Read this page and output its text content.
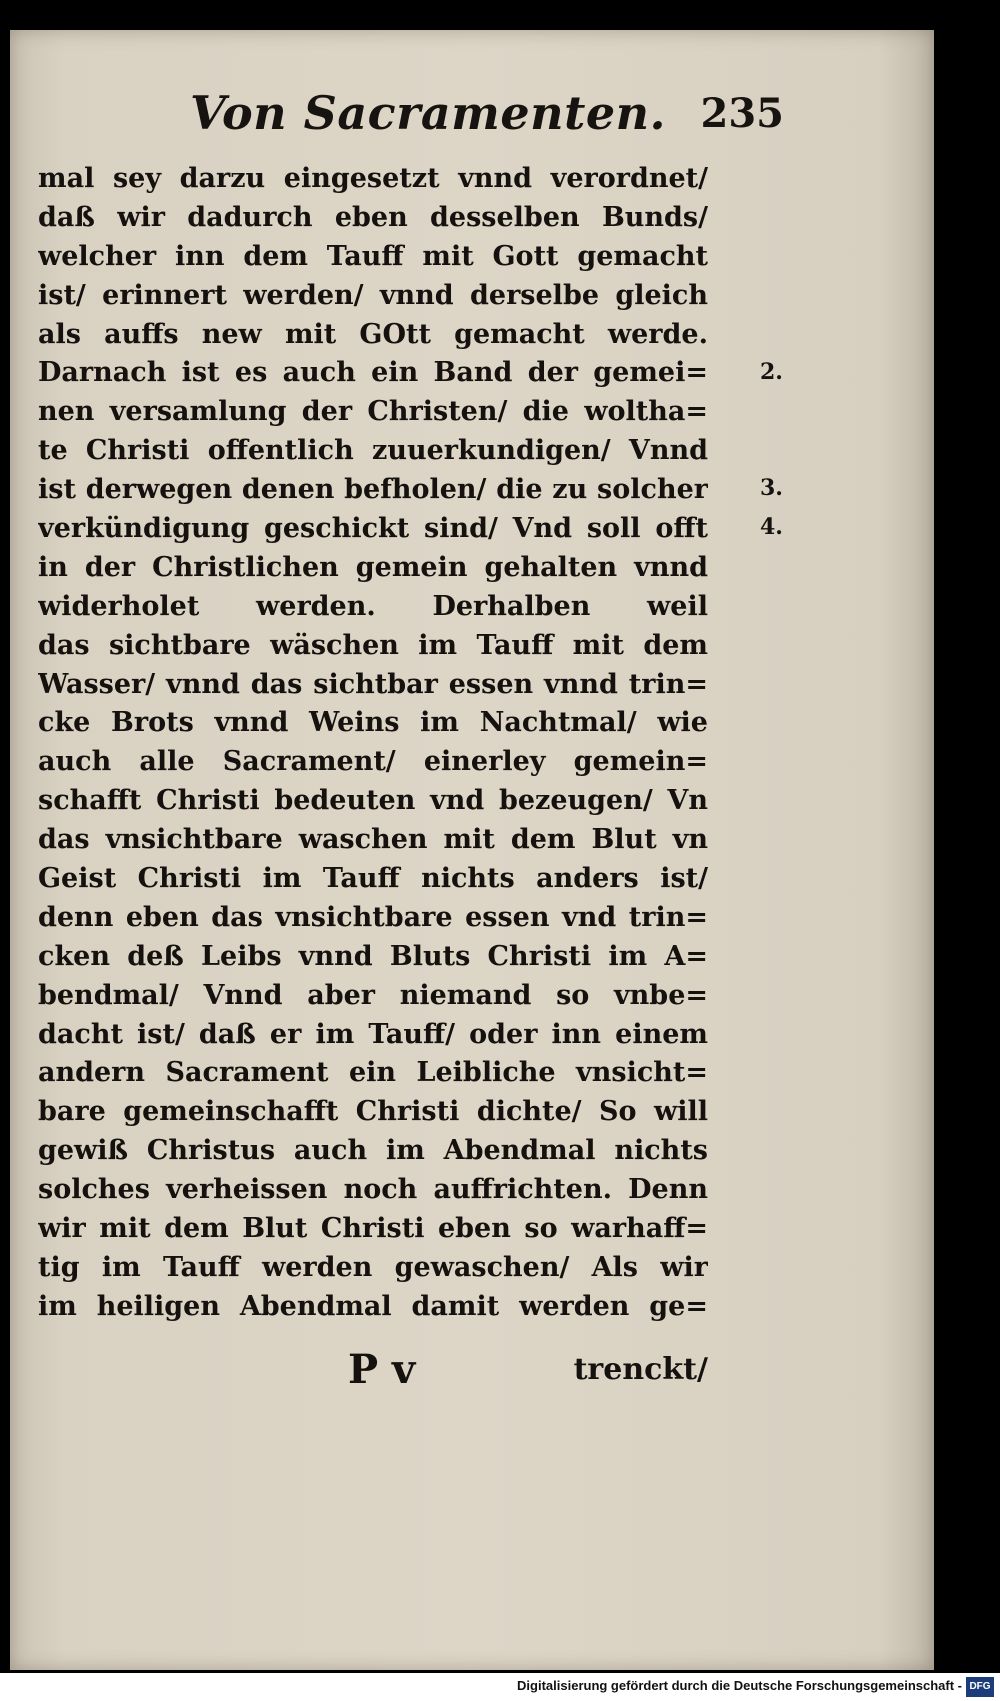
Von Sacramenten. 235
mal sey darzu eingesetzt vnnd verordnet/
daß wir dadurch eben desselben Bunds/
welcher inn dem Tauff mit Gott gemacht
ist/ erinnert werden/ vnnd derselbe gleich
als auffs new mit GOtt gemacht werde.
Darnach ist es auch ein Band der gemei=
nen versamlung der Christen/ die woltha=
te Christi offentlich zuuerkundigen/ Vnnd
ist derwegen denen befholen/ die zu solcher
verkündigung geschickt sind/ Vnd soll offt
in der Christlichen gemein gehalten vnnd
widerholet werden. Derhalben weil
das sichtbare wäschen im Tauff mit dem
Wasser/ vnnd das sichtbar essen vnnd trin=
cke Brots vnnd Weins im Nachtmal/ wie
auch alle Sacrament/ einerley gemein=
schafft Christi bedeuten vnd bezeugen/ Vn
das vnsichtbare waschen mit dem Blut vn
Geist Christi im Tauff nichts anders ist/
denn eben das vnsichtbare essen vnd trin=
cken deß Leibs vnnd Bluts Christi im A=
bendmal/ Vnnd aber niemand so vnbe=
dacht ist/ daß er im Tauff/ oder inn einem
andern Sacrament ein Leibliche vnsicht=
bare gemeinschafft Christi dichte/ So will
gewiß Christus auch im Abendmal nichts
solches verheissen noch auffrichten. Denn
wir mit dem Blut Christi eben so warhaff=
tig im Tauff werden gewaschen/ Als wir
im heiligen Abendmal damit werden ge=
2.
3.
4.
P v	trenckt/
Digitalisierung gefördert durch die Deutsche Forschungsgemeinschaft - DFG
